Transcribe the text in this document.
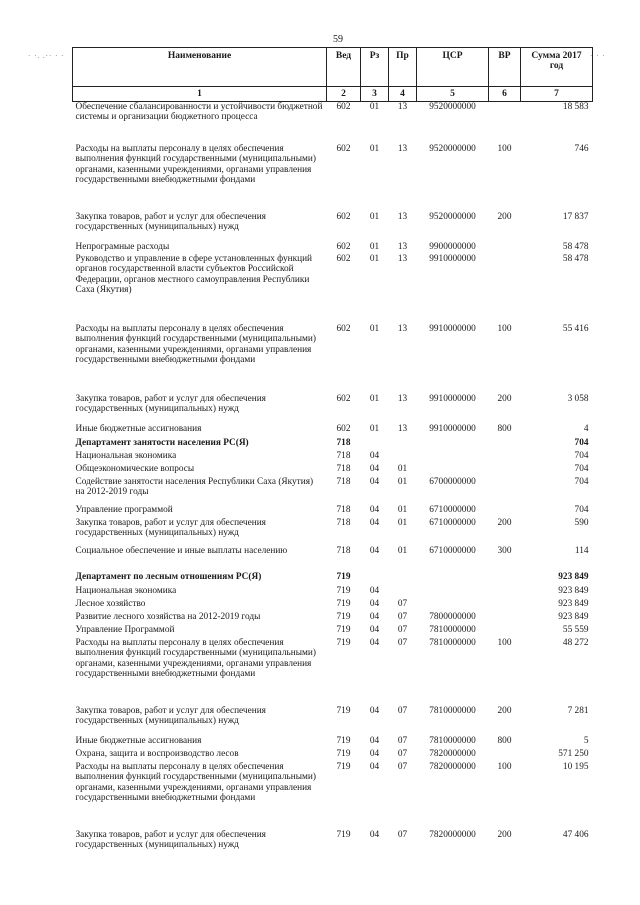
59
· ·. .·· · ·	· · ·
Наименование	Вед	Рз	Пр	ЦСР	ВР	Сумма 2017 год
1	2	3	4	5	6	7
Обеспечение сбалансированности и устойчивости бюджетной системы и организации бюджетного процесса	602	01	13	9520000000		18 583
Расходы на выплаты персоналу в целях обеспечения выполнения функций государственными (муниципальными) органами, казенными учреждениями, органами управления государственными внебюджетными фондами	602	01	13	9520000000	100	746
Закупка товаров, работ и услуг для обеспечения государственных (муниципальных) нужд	602	01	13	9520000000	200	17 837
Непрограмные расходы	602	01	13	9900000000		58 478
Руководство и управление в сфере установленных функций органов государственной власти субъектов Российской Федерации, органов местного самоуправления Республики Саха (Якутия)	602	01	13	9910000000		58 478
Расходы на выплаты персоналу в целях обеспечения выполнения функций государственными (муниципальными) органами, казенными учреждениями, органами управления государственными внебюджетными фондами	602	01	13	9910000000	100	55 416
Закупка товаров, работ и услуг для обеспечения государственных (муниципальных) нужд	602	01	13	9910000000	200	3 058
Иные бюджетные ассигнования	602	01	13	9910000000	800	4
Департамент занятости населения РС(Я)	718					704
Национальная экономика	718	04				704
Общеэкономические вопросы	718	04	01			704
Содействие занятости населения Республики Саха (Якутия) на 2012-2019 годы	718	04	01	6700000000		704
Управление программой	718	04	01	6710000000		704
Закупка товаров, работ и услуг для обеспечения государственных (муниципальных) нужд	718	04	01	6710000000	200	590
Социальное обеспечение и иные выплаты населению	718	04	01	6710000000	300	114
Департамент по лесным отношениям РС(Я)	719					923 849
Национальная экономика	719	04				923 849
Лесное хозяйство	719	04	07			923 849
Развитие лесного хозяйства на 2012-2019 годы	719	04	07	7800000000		923 849
Управление Программой	719	04	07	7810000000		55 559
Расходы на выплаты персоналу в целях обеспечения выполнения функций государственными (муниципальными) органами, казенными учреждениями, органами управления государственными внебюджетными фондами	719	04	07	7810000000	100	48 272
Закупка товаров, работ и услуг для обеспечения государственных (муниципальных) нужд	719	04	07	7810000000	200	7 281
Иные бюджетные ассигнования	719	04	07	7810000000	800	5
Охрана, защита и воспроизводство лесов	719	04	07	7820000000		571 250
Расходы на выплаты персоналу в целях обеспечения выполнения функций государственными (муниципальными) органами, казенными учреждениями, органами управления государственными внебюджетными фондами	719	04	07	7820000000	100	10 195
Закупка товаров, работ и услуг для обеспечения государственных (муниципальных) нужд	719	04	07	7820000000	200	47 406
